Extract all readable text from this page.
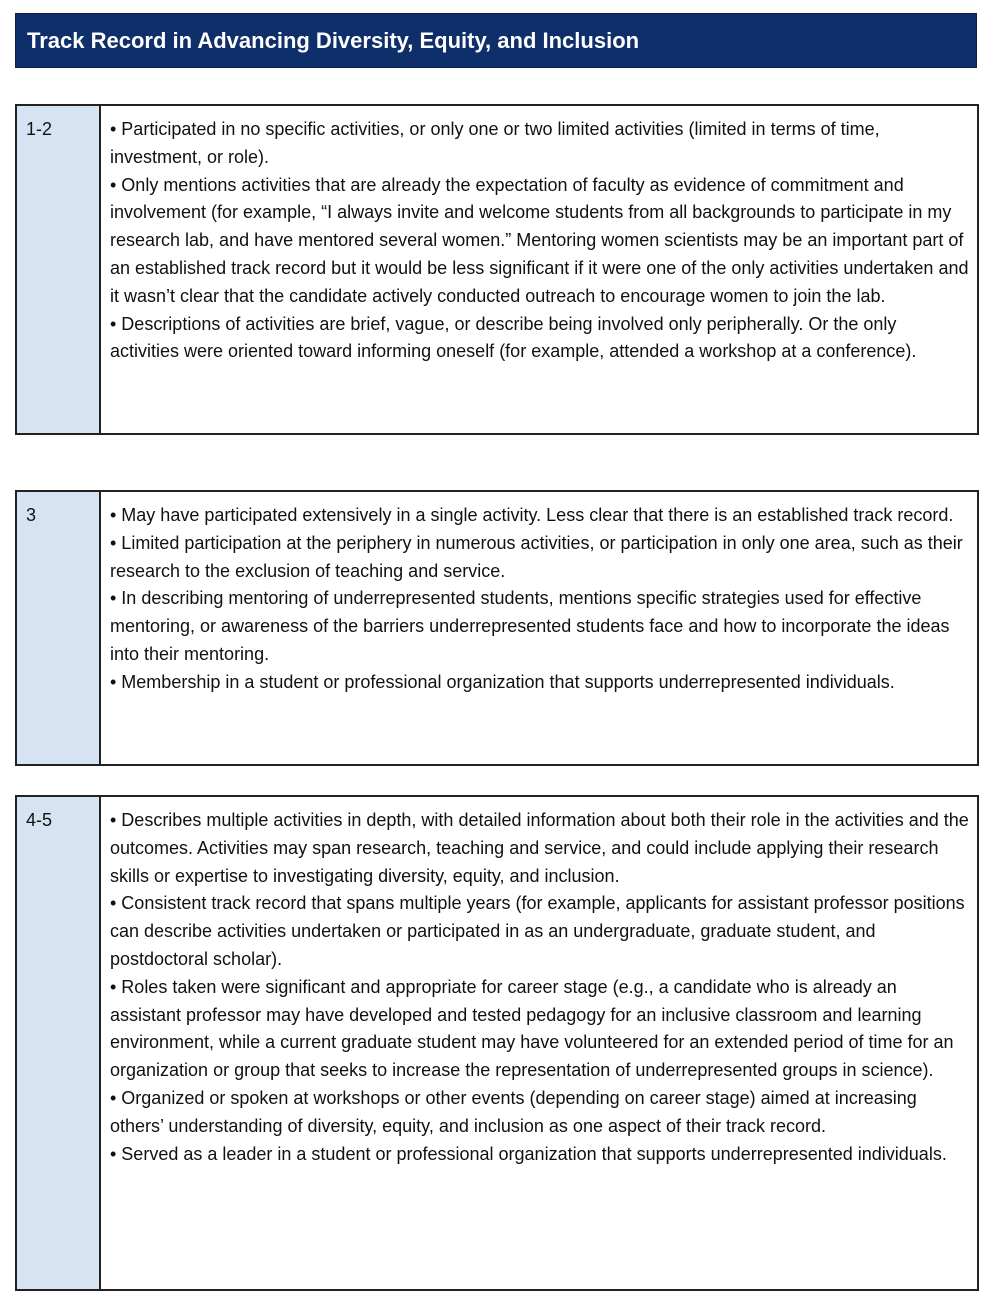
Track Record in Advancing Diversity, Equity, and Inclusion
1-2	• Participated in no specific activities, or only one or two limited activities (limited in terms of time, investment, or role).

• Only mentions activities that are already the expectation of faculty as evidence of commitment and involvement (for example, “I always invite and welcome students from all backgrounds to participate in my research lab, and have mentored several women.” Mentoring women scientists may be an important part of an established track record but it would be less significant if it were one of the only activities undertaken and it wasn’t clear that the candidate actively conducted outreach to encourage women to join the lab.

• Descriptions of activities are brief, vague, or describe being involved only peripherally. Or the only activities were oriented toward informing oneself (for example, attended a workshop at a conference).

3	• May have participated extensively in a single activity. Less clear that there is an established track record.

• Limited participation at the periphery in numerous activities, or participation in only one area, such as their research to the exclusion of teaching and service.

• In describing mentoring of underrepresented students, mentions specific strategies used for effective mentoring, or awareness of the barriers underrepresented students face and how to incorporate the ideas into their mentoring.

• Membership in a student or professional organization that supports underrepresented individuals.

4-5	• Describes multiple activities in depth, with detailed information about both their role in the activities and the outcomes. Activities may span research, teaching and service, and could include applying their research skills or expertise to investigating diversity, equity, and inclusion.

• Consistent track record that spans multiple years (for example, applicants for assistant professor positions can describe activities undertaken or participated in as an undergraduate, graduate student, and postdoctoral scholar).

• Roles taken were significant and appropriate for career stage (e.g., a candidate who is already an assistant professor may have developed and tested pedagogy for an inclusive classroom and learning environment, while a current graduate student may have volunteered for an extended period of time for an organization or group that seeks to increase the representation of underrepresented groups in science).

• Organized or spoken at workshops or other events (depending on career stage) aimed at increasing others’ understanding of diversity, equity, and inclusion as one aspect of their track record.

• Served as a leader in a student or professional organization that supports underrepresented individuals.
